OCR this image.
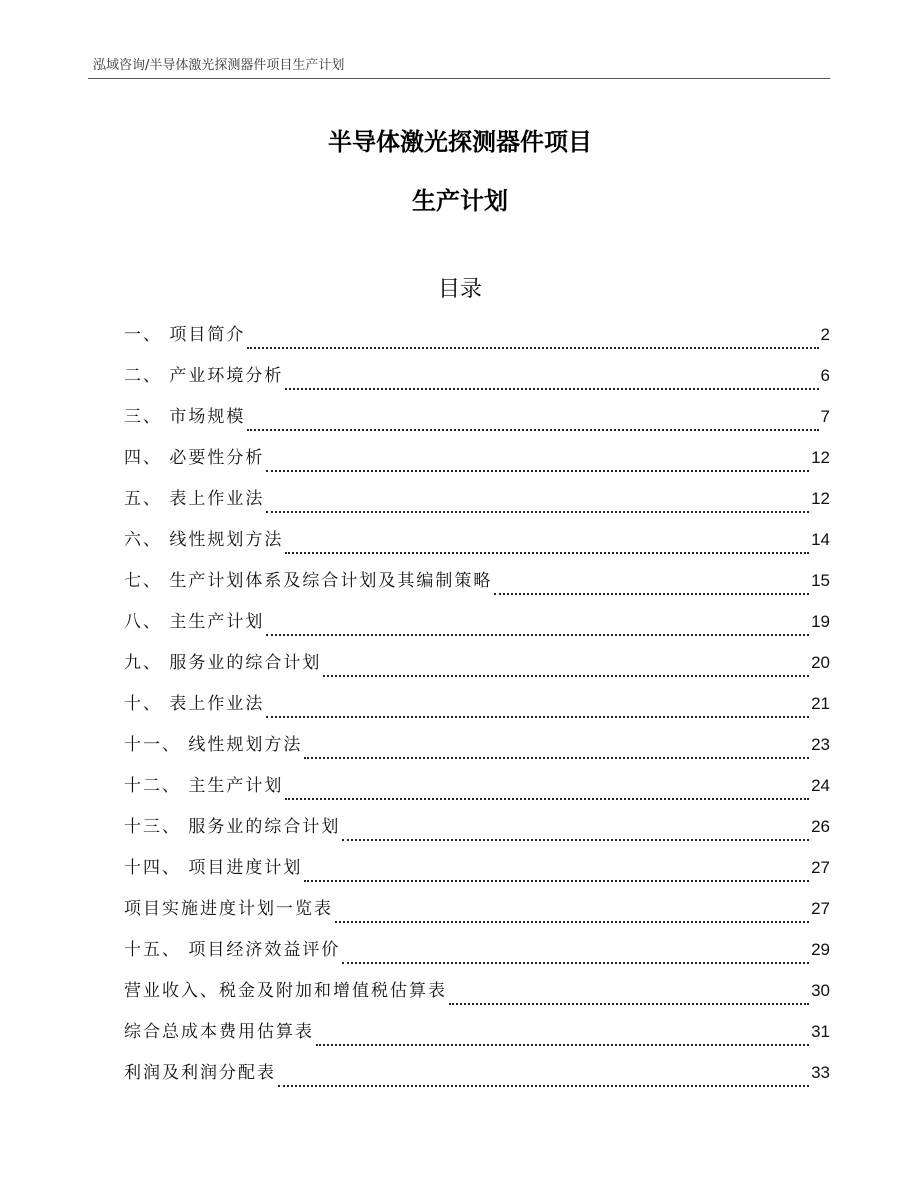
泓域咨询/半导体激光探测器件项目生产计划
半导体激光探测器件项目
生产计划
目录
一、 项目简介	2
二、 产业环境分析	6
三、 市场规模	7
四、 必要性分析	12
五、 表上作业法	12
六、 线性规划方法	14
七、 生产计划体系及综合计划及其编制策略	15
八、 主生产计划	19
九、 服务业的综合计划	20
十、 表上作业法	21
十一、 线性规划方法	23
十二、 主生产计划	24
十三、 服务业的综合计划	26
十四、 项目进度计划	27
项目实施进度计划一览表	27
十五、 项目经济效益评价	29
营业收入、税金及附加和增值税估算表	30
综合总成本费用估算表	31
利润及利润分配表	33
